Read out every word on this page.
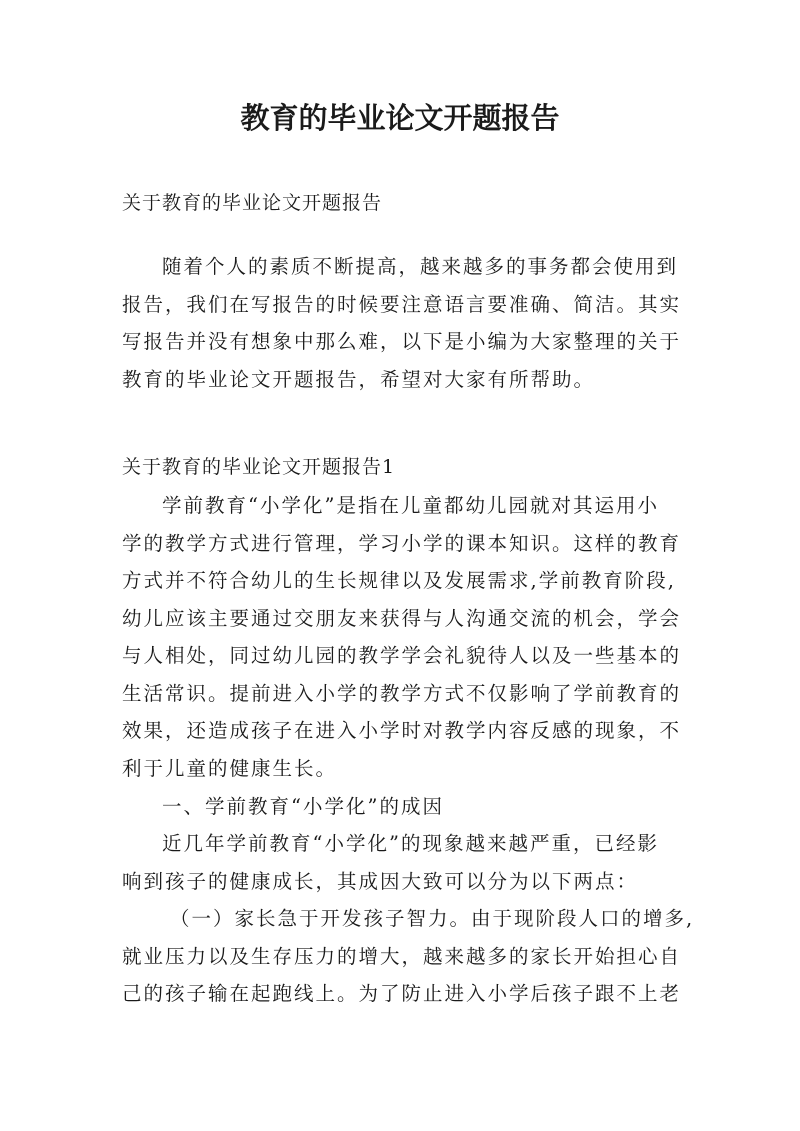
教育的毕业论文开题报告
关于教育的毕业论文开题报告
随着个人的素质不断提高，越来越多的事务都会使用到
报告，我们在写报告的时候要注意语言要准确、简洁。其实
写报告并没有想象中那么难，以下是小编为大家整理的关于
教育的毕业论文开题报告，希望对大家有所帮助。
关于教育的毕业论文开题报告1
学前教育“小学化”是指在儿童都幼儿园就对其运用小
学的教学方式进行管理，学习小学的课本知识。这样的教育
方式并不符合幼儿的生长规律以及发展需求,学前教育阶段,
幼儿应该主要通过交朋友来获得与人沟通交流的机会，学会
与人相处，同过幼儿园的教学学会礼貌待人以及一些基本的
生活常识。提前进入小学的教学方式不仅影响了学前教育的
效果，还造成孩子在进入小学时对教学内容反感的现象，不
利于儿童的健康生长。
一、学前教育“小学化”的成因
近几年学前教育“小学化”的现象越来越严重，已经影
响到孩子的健康成长，其成因大致可以分为以下两点：
（一）家长急于开发孩子智力。由于现阶段人口的增多,
就业压力以及生存压力的增大，越来越多的家长开始担心自
己的孩子输在起跑线上。为了防止进入小学后孩子跟不上老
